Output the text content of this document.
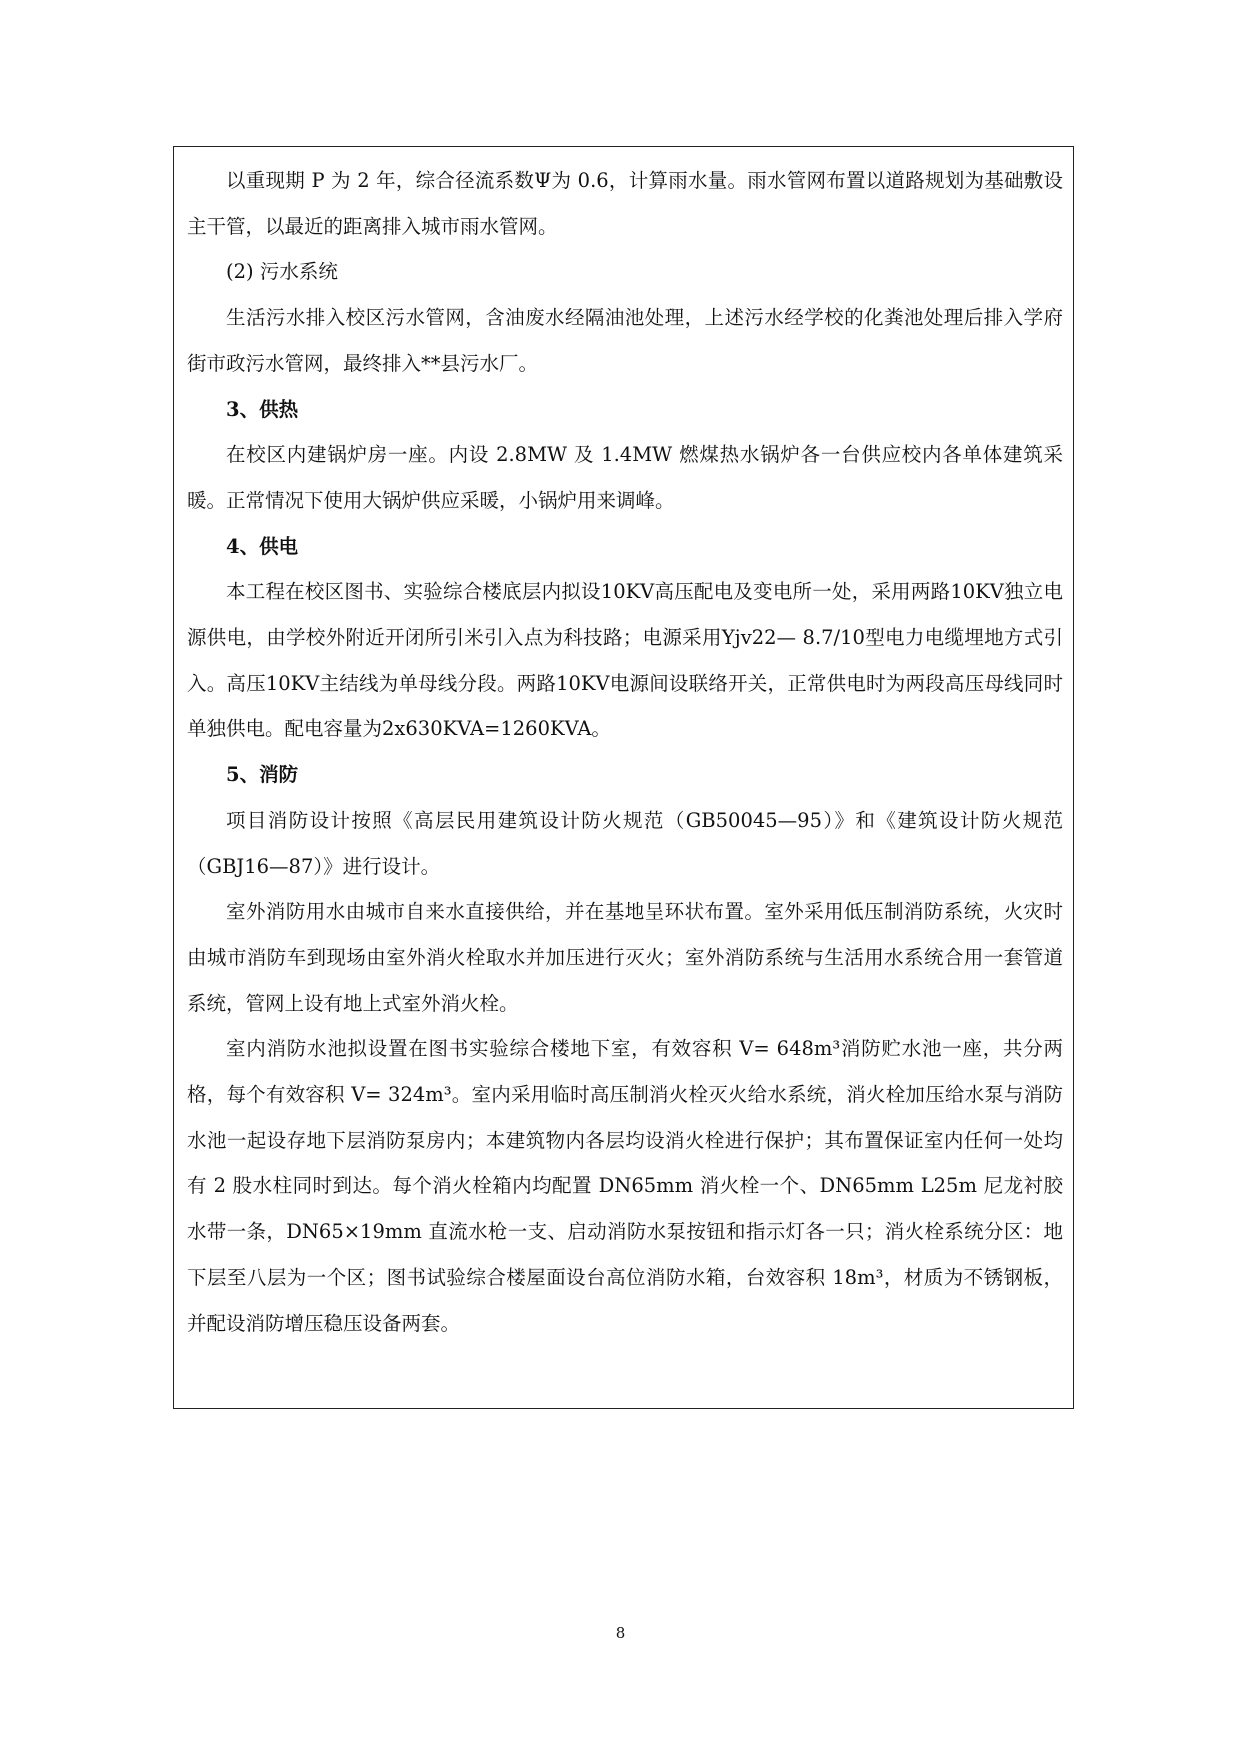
以重现期 P 为 2 年，综合径流系数Ψ为 0.6，计算雨水量。雨水管网布置以道路规划为基础敷设主干管，以最近的距离排入城市雨水管网。

(2) 污水系统

生活污水排入校区污水管网，含油废水经隔油池处理，上述污水经学校的化粪池处理后排入学府街市政污水管网，最终排入**县污水厂。

3、供热

在校区内建锅炉房一座。内设 2.8MW 及 1.4MW 燃煤热水锅炉各一台供应校内各单体建筑采暖。正常情况下使用大锅炉供应采暖，小锅炉用来调峰。

4、供电

本工程在校区图书、实验综合楼底层内拟设10KV高压配电及变电所一处，采用两路10KV独立电源供电，由学校外附近开闭所引米引入点为科技路；电源采用Yjv22— 8.7/10型电力电缆埋地方式引入。高压10KV主结线为单母线分段。两路10KV电源间设联络开关，正常供电时为两段高压母线同时单独供电。配电容量为2x630KVA=1260KVA。

5、消防

项目消防设计按照《高层民用建筑设计防火规范（GB50045—95）》和《建筑设计防火规范（GBJ16—87）》进行设计。

室外消防用水由城市自来水直接供给，并在基地呈环状布置。室外采用低压制消防系统，火灾时由城市消防车到现场由室外消火栓取水并加压进行灭火；室外消防系统与生活用水系统合用一套管道系统，管网上设有地上式室外消火栓。

室内消防水池拟设置在图书实验综合楼地下室，有效容积 V= 648m³消防贮水池一座，共分两格，每个有效容积 V= 324m³。室内采用临时高压制消火栓灭火给水系统，消火栓加压给水泵与消防水池一起设存地下层消防泵房内；本建筑物内各层均设消火栓进行保护；其布置保证室内任何一处均有 2 股水柱同时到达。每个消火栓箱内均配置 DN65mm 消火栓一个、DN65mm L25m 尼龙衬胶水带一条，DN65×19mm 直流水枪一支、启动消防水泵按钮和指示灯各一只；消火栓系统分区：地下层至八层为一个区；图书试验综合楼屋面设台高位消防水箱，台效容积 18m³，材质为不锈钢板，并配设消防增压稳压设备两套。

8
